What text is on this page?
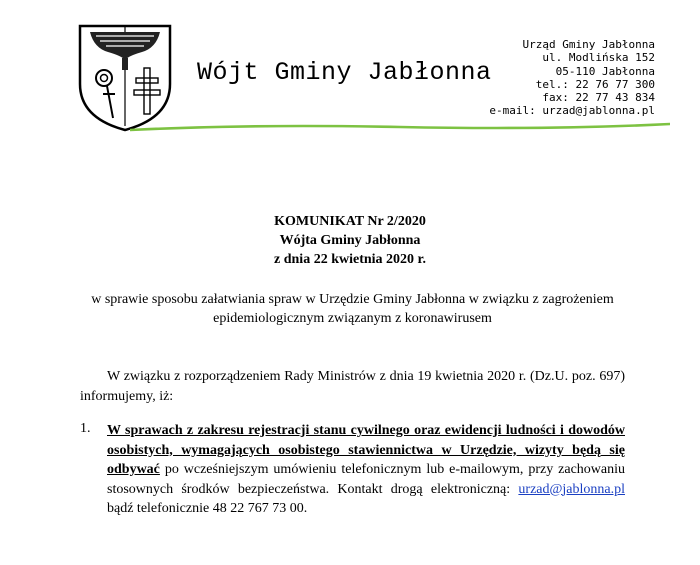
Wójt Gminy Jabłonna
Urząd Gminy Jabłonna
ul. Modlińska 152
05-110 Jabłonna
tel.: 22 76 77 300
fax: 22 77 43 834
e-mail: urzad@jablonna.pl
KOMUNIKAT Nr 2/2020
Wójta Gminy Jabłonna
z dnia 22 kwietnia 2020 r.
w sprawie sposobu załatwiania spraw w Urzędzie Gminy Jabłonna w związku z zagrożeniem epidemiologicznym związanym z koronawirusem
W związku z rozporządzeniem Rady Ministrów z dnia 19 kwietnia 2020 r. (Dz.U. poz. 697) informujemy, iż:
1. W sprawach z zakresu rejestracji stanu cywilnego oraz ewidencji ludności i dowodów osobistych, wymagających osobistego stawiennictwa w Urzędzie, wizyty będą się odbywać po wcześniejszym umówieniu telefonicznym lub e-mailowym, przy zachowaniu stosownych środków bezpieczeństwa. Kontakt drogą elektroniczną: urzad@jablonna.pl bądź telefonicznie 48 22 767 73 00.
